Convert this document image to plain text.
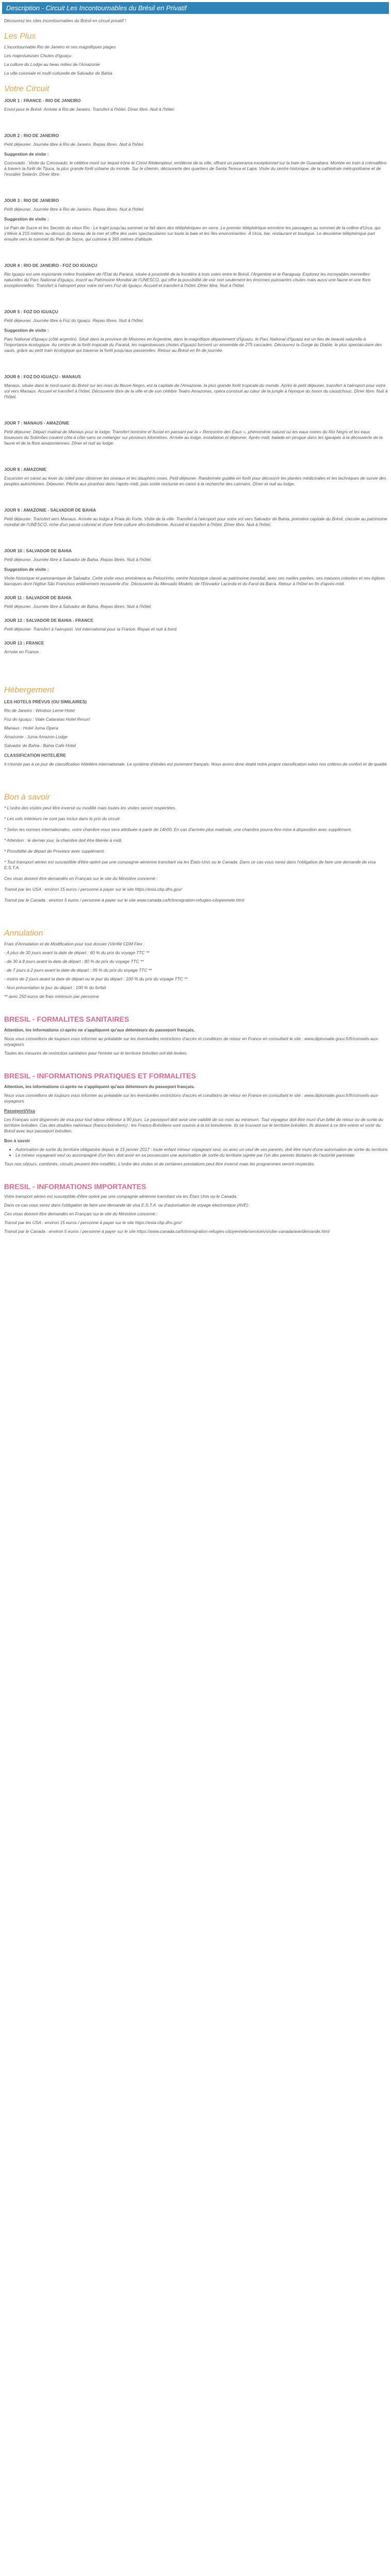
Description - Circuit Les Incontournables du Brésil en Privatif

Découvrez les sites incontournables du Brésil en circuit privatif !

Les Plus

L'incontournable Rio de Janeiro et ses magnifiques plages

Les majestueuses Chutes d'Iguaçu

La culture du Lodge au beau milieu de l'Amazonie

La ville coloniale et multi-culturelle de Salvador de Bahia

Votre Circuit

JOUR 1 : FRANCE - RIO DE JANEIRO

Envol pour le Brésil. Arrivée à Rio de Janeiro. Transfert à l'hôtel. Dîner libre. Nuit à l'hôtel.

JOUR 2 : RIO DE JANEIRO

Petit déjeuner. Journée libre à Rio de Janeiro. Repas libres. Nuit à l'hôtel.

Suggestion de visite :

Corcovado : Visite du Corcovado, le célèbre mont sur lequel trône le Christ Rédempteur, emblème de la ville, offrant un panorama exceptionnel sur la baie de Guanabara. Montée en train à crémaillère à travers la forêt de Tijuca, la plus grande forêt urbaine du monde. Sur le chemin, découverte des quartiers de Santa Teresa et Lapa. Visite du centre historique, de la cathédrale métropolitaine et de l'escalier Selarón. Dîner libre.

JOUR 3 : RIO DE JANEIRO

Petit déjeuner. Journée libre à Rio de Janeiro. Repas libres. Nuit à l'hôtel.

Suggestion de visite :

Le Pain de Sucre et les Secrets du vieux Rio : Le trajet jusqu'au sommet se fait dans des téléphériques en verre. Le premier téléphérique emmène les passagers au sommet de la colline d'Urca, qui s'élève à 215 mètres au-dessus du niveau de la mer et offre des vues spectaculaires sur toute la baie et les îles environnantes. À Urca, bar, restaurant et boutique. Le deuxième téléphérique part ensuite vers le sommet du Pain de Sucre, qui culmine à 395 mètres d'altitude.

JOUR 4 : RIO DE JANEIRO - FOZ DO IGUAÇU

Rio Iguaçu est une importante rivière frontalière de l'État du Paraná, située à proximité de la frontière à trois voies entre le Brésil, l'Argentine et le Paraguay. Explorez les incroyables merveilles naturelles du Parc National d'Iguaçu, inscrit au Patrimoine Mondial de l'UNESCO, qui offre la possibilité de voir non seulement les énormes puissantes chutes mais aussi une faune et une flore exceptionnelles. Transfert à l'aéroport pour votre vol vers Foz do Iguaçu. Accueil et transfert à l'hôtel. Dîner libre. Nuit à l'hôtel.

JOUR 5 : FOZ DO IGUAÇU

Petit déjeuner. Journée libre à Foz do Iguaçu. Repas libres. Nuit à l'hôtel.

Suggestion de visite :

Parc National d'Iguaçu (côté argentin). Situé dans la province de Misiones en Argentine, dans le magnifique département d'Iguazu, le Parc National d'Iguazú est un lieu de beauté naturelle à l'importance écologique. Au centre de la forêt tropicale du Paraná, les majestueuses chutes d'Iguazú forment un ensemble de 275 cascades. Découvrez la Gorge du Diable, le plus spectaculaire des sauts, grâce au petit train écologique qui traverse la forêt jusqu'aux passerelles. Retour au Brésil en fin de journée.

JOUR 6 : FOZ DO IGUAÇU - MANAUS

Manaus, située dans le nord-ouest du Brésil sur les rives du fleuve Negro, est la capitale de l'Amazonie, la plus grande forêt tropicale du monde. Après le petit déjeuner, transfert à l'aéroport pour votre vol vers Manaus. Accueil et transfert à l'hôtel. Découverte libre de la ville et de son célèbre Teatro Amazonas, opéra construit au cœur de la jungle à l'époque du boom du caoutchouc. Dîner libre. Nuit à l'hôtel.

JOUR 7 : MANAUS - AMAZONIE

Petit déjeuner. Départ matinal de Manaus pour le lodge. Transfert terrestre et fluvial en passant par la « Rencontre des Eaux », phénomène naturel où les eaux noires du Rio Negro et les eaux boueuses du Solimões coulent côte à côte sans se mélanger sur plusieurs kilomètres. Arrivée au lodge, installation et déjeuner. Après-midi, balade en pirogue dans les igarapés à la découverte de la faune et de la flore amazoniennes. Dîner et nuit au lodge.

JOUR 8 : AMAZONIE

Excursion en canot au lever du soleil pour observer les oiseaux et les dauphins roses. Petit déjeuner. Randonnée guidée en forêt pour découvrir les plantes médicinales et les techniques de survie des peuples autochtones. Déjeuner. Pêche aux piranhas dans l'après-midi, puis sortie nocturne en canot à la recherche des caïmans. Dîner et nuit au lodge.

JOUR 9 : AMAZONIE - SALVADOR DE BAHIA

Petit déjeuner. Transfert vers Manaus. Arrivée au lodge à Praia do Forte. Visite de la ville. Transfert à l'aéroport pour votre vol vers Salvador de Bahia, première capitale du Brésil, classée au patrimoine mondial de l'UNESCO, riche d'un passé colonial et d'une forte culture afro-brésilienne. Accueil et transfert à l'hôtel. Dîner libre. Nuit à l'hôtel.

JOUR 10 : SALVADOR DE BAHIA

Petit déjeuner. Journée libre à Salvador de Bahia. Repas libres. Nuit à l'hôtel.

Suggestion de visite :

Visite historique et panoramique de Salvador. Cette visite vous emmènera au Pelourinho, centre historique classé au patrimoine mondial, avec ses ruelles pavées, ses maisons colorées et ses églises baroques dont l'église São Francisco entièrement recouverte d'or. Découverte du Mercado Modelo, de l'Elevador Lacerda et du Farol da Barra. Retour à l'hôtel en fin d'après-midi.

JOUR 11 : SALVADOR DE BAHIA

Petit déjeuner. Journée libre à Salvador de Bahia. Repas libres. Nuit à l'hôtel.

JOUR 12 : SALVADOR DE BAHIA - FRANCE

Petit déjeuner. Transfert à l'aéroport. Vol international pour la France. Repas et nuit à bord.

JOUR 13 : FRANCE

Arrivée en France.

Hébergement

LES HOTELS PRÉVUS (OU SIMILAIRES)

Rio de Janeiro : Windsor Leme Hotel

Foz do Iguaçu : Viale Cataratas Hotel Resort

Manaus : Hotel Juma Opera

Amazonie : Juma Amazon Lodge

Salvador de Bahia : Bahia Cafe Hotel

CLASSIFICATION HOTELIÈRE

Il n'existe pas à ce jour de classification hôtelière internationale. Le système d'étoiles est purement français. Nous avons donc établi notre propre classification selon nos critères de confort et de qualité.

Bon à savoir

* L'ordre des visites peut être inversé ou modifié mais toutes les visites seront respectées.

* Les vols intérieurs ne sont pas inclus dans le prix du circuit.

* Selon les normes internationales, votre chambre vous sera attribuée à partir de 14h00. En cas d'arrivée plus matinale, une chambre pourra être mise à disposition avec supplément.

* Attention : le dernier jour, la chambre doit être libérée à midi.

* Possibilité de départ de Province avec supplément.

* Tout transport aérien est susceptible d'être opéré par une compagnie aérienne transitant via les États-Unis ou le Canada. Dans ce cas vous serez dans l'obligation de faire une demande de visa E.S.T.A.

Ces visas doivent être demandés en Français sur le site du Ministère concerné :

Transit par les USA : environ 15 euros / personne à payer sur le site https://esta.cbp.dhs.gov/

Transit par le Canada : environ 5 euros / personne à payer sur le site www.canada.ca/fr/immigration-refugies-citoyennete.html

Annulation

Frais d'Annulation et de Modification pour tout dossier (Vérifié CDM Flex :

- A plus de 30 jours avant la date de départ : 60 % du prix du voyage TTC **

- de 30 à 8 jours avant la date de départ : 80 % du prix du voyage TTC **

- de 7 jours à 2 jours avant la date de départ : 95 % du prix du voyage TTC **

- moins de 2 jours avant la date de départ ou le jour du départ : 100 % du prix du voyage TTC **

- Non présentation le jour du départ : 100 % du forfait

** avec 250 euros de frais minimum par personne

BRESIL - FORMALITES SANITAIRES

Attention, les informations ci-après ne s'appliquent qu'aux détenteurs du passeport français.

Nous vous conseillons de toujours vous informer au préalable sur les éventuelles restrictions d'accès et conditions de retour en France en consultant le site : www.diplomatie.gouv.fr/fr/conseils-aux-voyageurs

Toutes les mesures de restriction sanitaires pour l'entrée sur le territoire brésilien ont été levées.

BRESIL - INFORMATIONS PRATIQUES ET FORMALITES

Attention, les informations ci-après ne s'appliquent qu'aux détenteurs du passeport français.

Nous vous conseillons de toujours vous informer au préalable sur les éventuelles restrictions d'accès et conditions de retour en France en consultant le site : www.diplomatie.gouv.fr/fr/conseils-aux-voyageurs

Passeport/Visa

Les Français sont dispensés de visa pour tout séjour inférieur à 90 jours. Le passeport doit avoir une validité de six mois au minimum. Tout voyageur doit être muni d'un billet de retour ou de sortie du territoire brésilien. Cas des doubles nationaux (franco-brésiliens) : les Franco-Brésiliens sont soumis à la loi brésilienne. Ils se trouvent sur le territoire brésilien. Ils doivent à ce titre entrer et sortir du Brésil avec leur passeport brésilien.

Bon à savoir

• Autorisation de sortie du territoire obligatoire depuis le 15 janvier 2017 : toute enfant mineur voyageant seul, ou avec un seul de ses parents, doit être muni d'une autorisation de sortie du territoire.
• Le mineur voyageant seul ou accompagné d'un tiers doit avoir en sa possession une autorisation de sortie du territoire signée par l'un des parents titulaires de l'autorité parentale.

Tous nos séjours, combinés, circuits peuvent être modifiés. L'ordre des visites et de certaines prestations peut être inversé mais les programmes seront respectés.

BRESIL - INFORMATIONS IMPORTANTES

Votre transport aérien est susceptible d'être opéré par une compagnie aérienne transitant via les États Unis ou le Canada.

Dans ce cas vous serez dans l'obligation de faire une demande de visa E.S.T.A. ou d'autorisation de voyage électronique (AVE).

Ces visas doivent être demandés en Français sur le site du Ministère concerné :

Transit par les USA : environ 15 euros / personne à payer sur le site https://esta.cbp.dhs.gov/

Transit par le Canada : environ 5 euros / personne à payer sur le site https://www.canada.ca/fr/immigration-refugies-citoyennete/services/visiter-canada/ave/demande.html
